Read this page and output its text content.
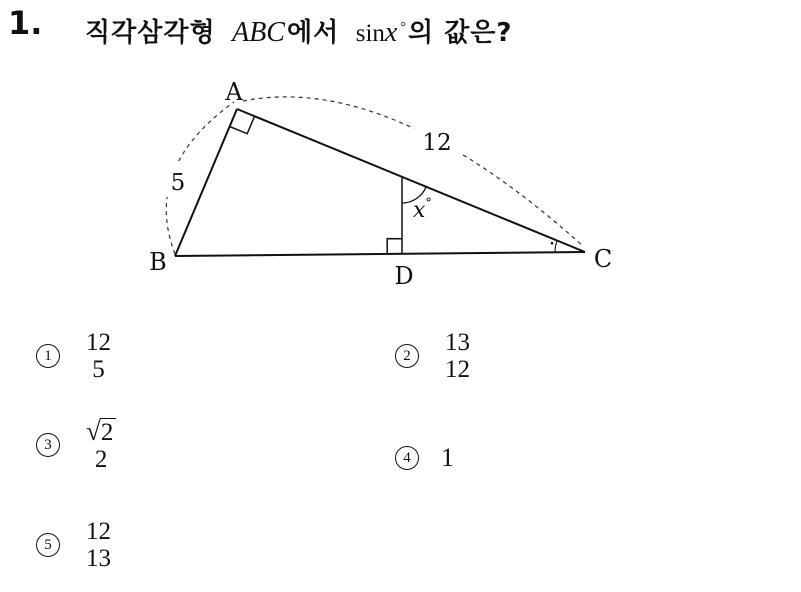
1. 직각삼각형 ABC에서 sinx °의 값은?
A
B	C
D
5
12
x°
1	12
5
2	13
12
3	√2
2	4	1
5	12
13
